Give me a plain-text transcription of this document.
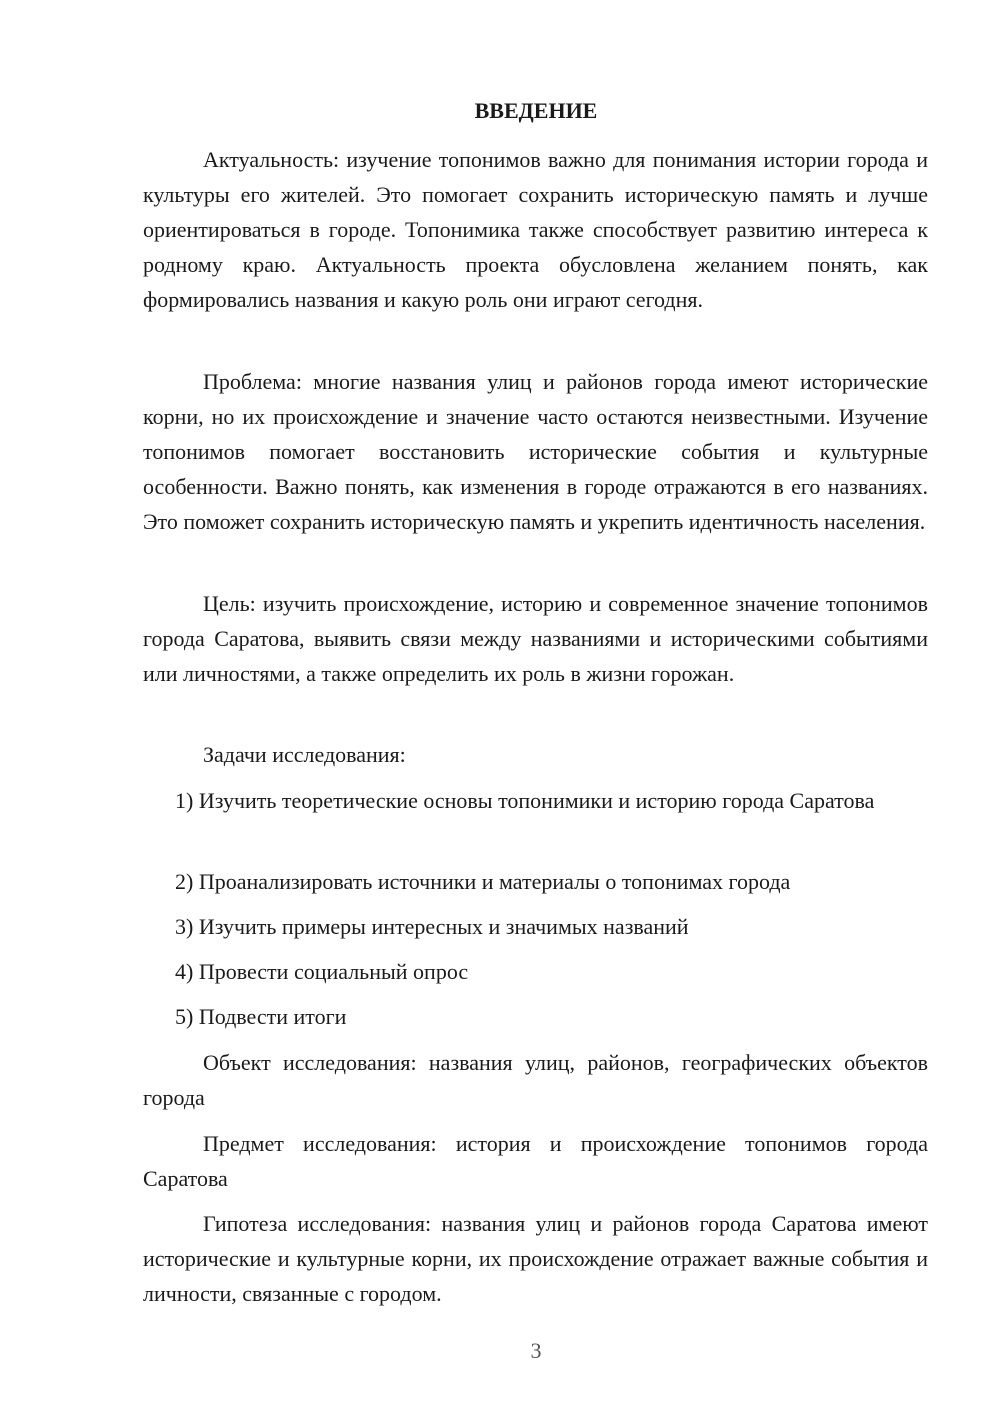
ВВЕДЕНИЕ

Актуальность: изучение топонимов важно для понимания истории города и культуры его жителей. Это помогает сохранить историческую память и лучше ориентироваться в городе. Топонимика также способствует развитию интереса к родному краю. Актуальность проекта обусловлена желанием понять, как формировались названия и какую роль они играют сегодня.

Проблема: многие названия улиц и районов города имеют исторические корни, но их происхождение и значение часто остаются неизвестными. Изучение топонимов помогает восстановить исторические события и культурные особенности. Важно понять, как изменения в городе отражаются в его названиях. Это поможет сохранить историческую память и укрепить идентичность населения.

Цель: изучить происхождение, историю и современное значение топонимов города Саратова, выявить связи между названиями и историческими событиями или личностями, а также определить их роль в жизни горожан.

Задачи исследования:

1) Изучить теоретические основы топонимики и историю города Саратова

2) Проанализировать источники и материалы о топонимах города

3) Изучить примеры интересных и значимых названий

4) Провести социальный опрос

5) Подвести итоги

Объект исследования: названия улиц, районов, географических объектов города

Предмет исследования: история и происхождение топонимов города Саратова

Гипотеза исследования: названия улиц и районов города Саратова имеют исторические и культурные корни, их происхождение отражает важные события и личности, связанные с городом.

3
